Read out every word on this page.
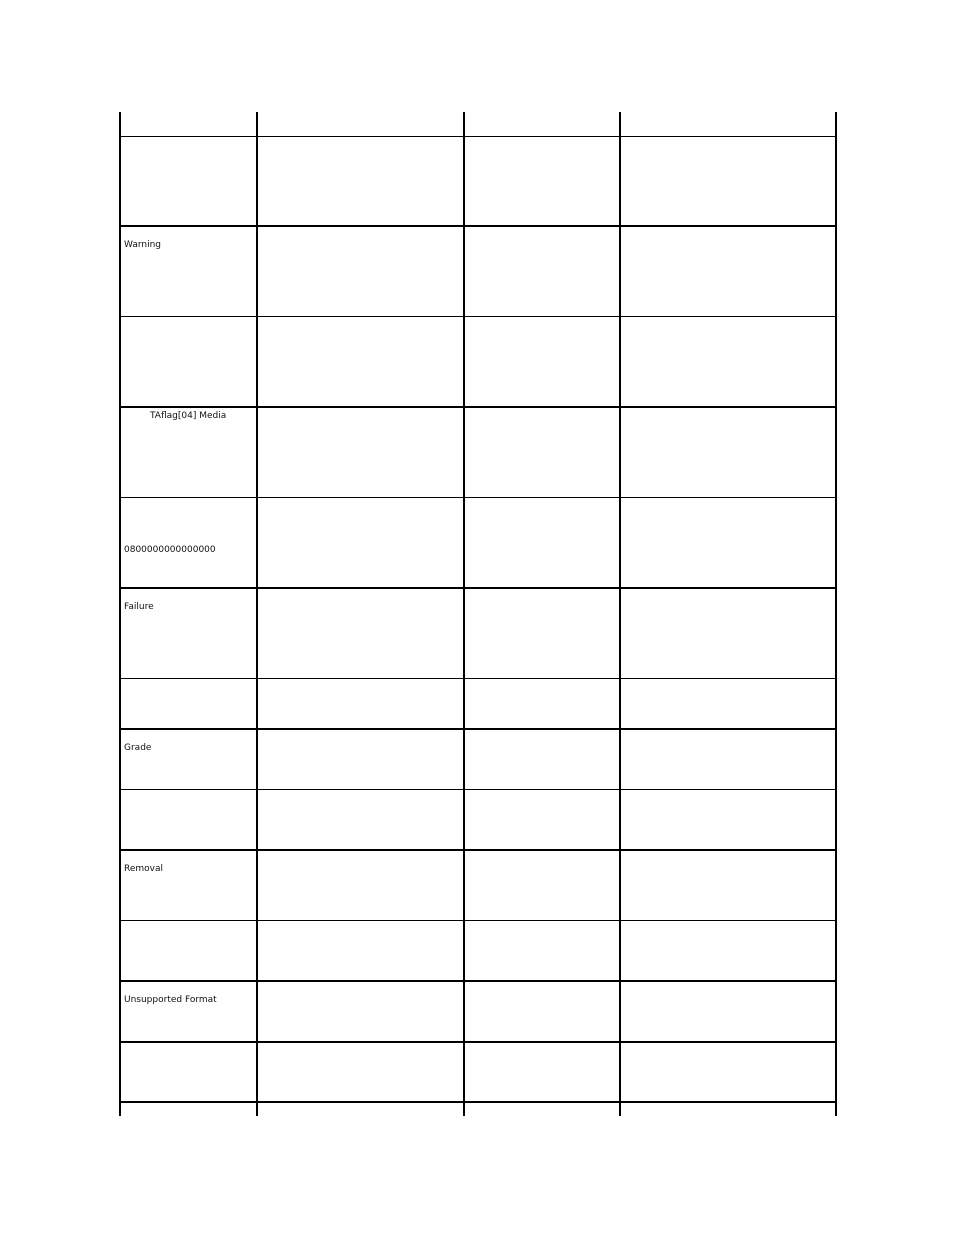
Warning			

TAflag[04] Media			

0800000000000000			

Failure			

Grade			

Removal			

Unsupported Format			
